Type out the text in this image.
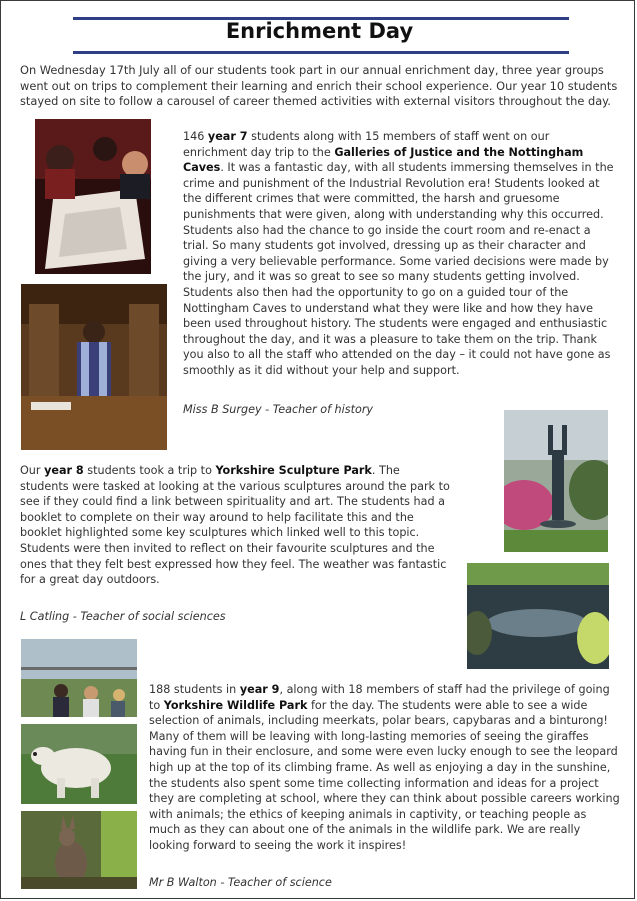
Enrichment Day
On Wednesday 17th July all of our students took part in our annual enrichment day, three year groups went out on trips to complement their learning and enrich their school experience. Our year 10 students stayed on site to follow a carousel of career themed activities with external visitors throughout the day.
146 year 7 students along with 15 members of staff went on our enrichment day trip to the Galleries of Justice and the Nottingham Caves. It was a fantastic day, with all students immersing themselves in the crime and punishment of the Industrial Revolution era! Students looked at the different crimes that were committed, the harsh and gruesome punishments that were given, along with understanding why this occurred. Students also had the chance to go inside the court room and re-enact a trial. So many students got involved, dressing up as their character and giving a very believable performance. Some varied decisions were made by the jury, and it was so great to see so many students getting involved. Students also then had the opportunity to go on a guided tour of the Nottingham Caves to understand what they were like and how they have been used throughout history. The students were engaged and enthusiastic throughout the day, and it was a pleasure to take them on the trip. Thank you also to all the staff who attended on the day – it could not have gone as smoothly as it did without your help and support.
Miss B Surgey - Teacher of history
Our year 8 students took a trip to Yorkshire Sculpture Park. The students were tasked at looking at the various sculptures around the park to see if they could find a link between spirituality and art. The students had a booklet to complete on their way around to help facilitate this and the booklet highlighted some key sculptures which linked well to this topic. Students were then invited to reflect on their favourite sculptures and the ones that they felt best expressed how they feel. The weather was fantastic for a great day outdoors.
L Catling - Teacher of social sciences
188 students in year 9, along with 18 members of staff had the privilege of going to Yorkshire Wildlife Park for the day. The students were able to see a wide selection of animals, including meerkats, polar bears, capybaras and a binturong! Many of them will be leaving with long-lasting memories of seeing the giraffes having fun in their enclosure, and some were even lucky enough to see the leopard high up at the top of its climbing frame. As well as enjoying a day in the sunshine, the students also spent some time collecting information and ideas for a project they are completing at school, where they can think about possible careers working with animals; the ethics of keeping animals in captivity, or teaching people as much as they can about one of the animals in the wildlife park. We are really looking forward to seeing the work it inspires!
Mr B Walton - Teacher of science
